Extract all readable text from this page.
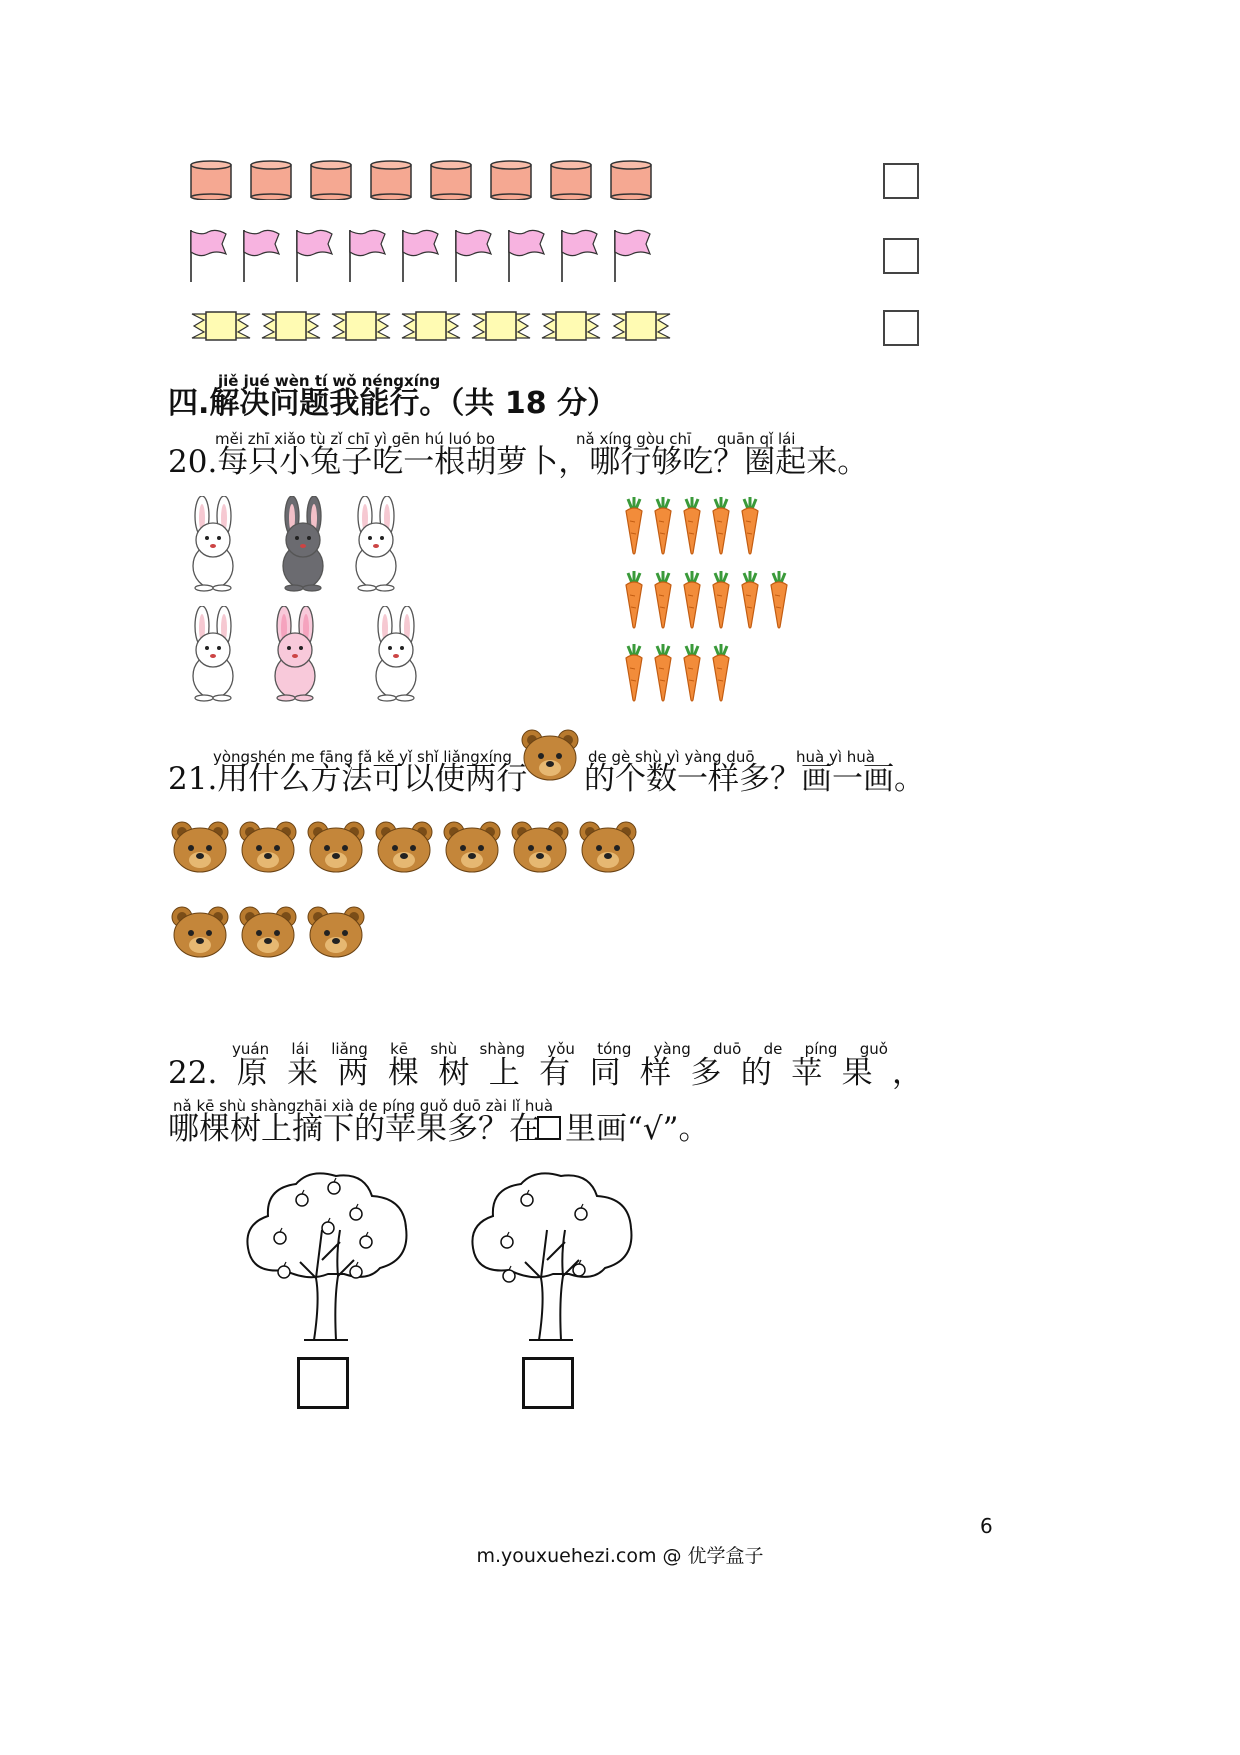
jiě jué wèn tí wǒ néngxíng
四.解决问题我能行。（共 18 分）
měi zhī xiǎo tù zǐ chī yì gēn hú luó bo	nǎ xíng gòu chī quān qǐ lái
20.每只小兔子吃一根胡萝卜，哪行够吃？圈起来。
yòngshén me fāng fǎ kě yǐ shǐ liǎngxíng	de gè shù yì yàng duō	huà yì huà
21.用什么方法可以使两行 的个数一样多？画一画。
yuán lái liǎng kē shù shàng yǒu tóng yàng duō de píng guǒ
22. 原 来 两 棵 树 上 有 同 样 多 的 苹 果 ，
nǎ kē shù shàngzhāi xià de píng guǒ duō zài lǐ huà
哪棵树上摘下的苹果多？在 里画“√”。
6
m.youxuehezi.com @ 优学盒子
